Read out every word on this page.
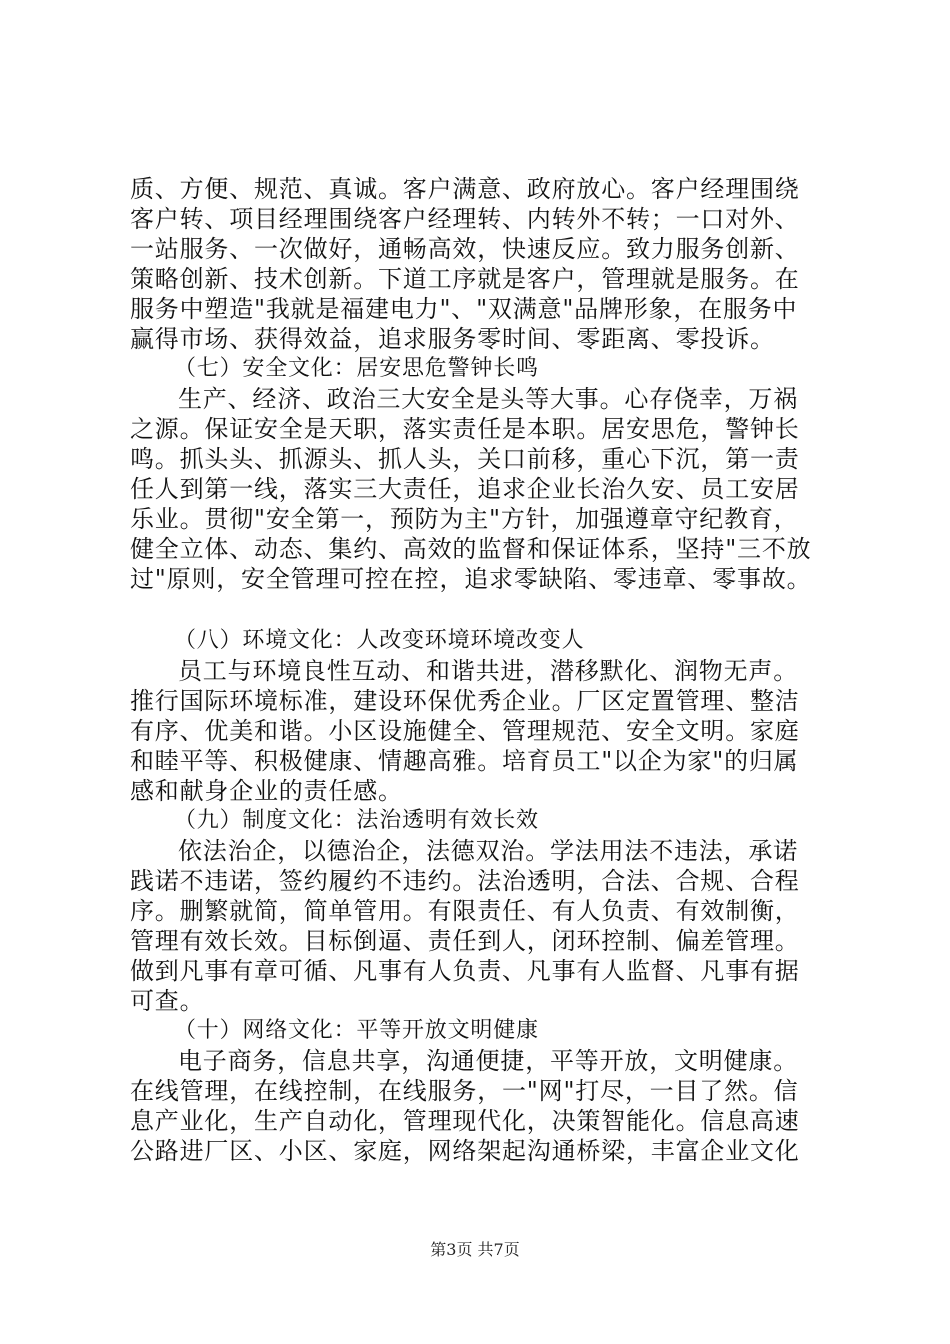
质、方便、规范、真诚。客户满意、政府放心。客户经理围绕
客户转、项目经理围绕客户经理转、内转外不转；一口对外、
一站服务、一次做好，通畅高效，快速反应。致力服务创新、
策略创新、技术创新。下道工序就是客户，管理就是服务。在
服务中塑造"我就是福建电力"、"双满意"品牌形象，在服务中
赢得市场、获得效益，追求服务零时间、零距离、零投诉。
（七）安全文化：居安思危警钟长鸣
生产、经济、政治三大安全是头等大事。心存侥幸，万祸
之源。保证安全是天职，落实责任是本职。居安思危，警钟长
鸣。抓头头、抓源头、抓人头，关口前移，重心下沉，第一责
任人到第一线，落实三大责任，追求企业长治久安、员工安居
乐业。贯彻"安全第一，预防为主"方针，加强遵章守纪教育，
健全立体、动态、集约、高效的监督和保证体系，坚持"三不放
过"原则，安全管理可控在控，追求零缺陷、零违章、零事故。
（八）环境文化：人改变环境环境改变人
员工与环境良性互动、和谐共进，潜移默化、润物无声。
推行国际环境标准，建设环保优秀企业。厂区定置管理、整洁
有序、优美和谐。小区设施健全、管理规范、安全文明。家庭
和睦平等、积极健康、情趣高雅。培育员工"以企为家"的归属
感和献身企业的责任感。
（九）制度文化：法治透明有效长效
依法治企，以德治企，法德双治。学法用法不违法，承诺
践诺不违诺，签约履约不违约。法治透明，合法、合规、合程
序。删繁就简，简单管用。有限责任、有人负责、有效制衡，
管理有效长效。目标倒逼、责任到人，闭环控制、偏差管理。
做到凡事有章可循、凡事有人负责、凡事有人监督、凡事有据
可查。
（十）网络文化：平等开放文明健康
电子商务，信息共享，沟通便捷，平等开放，文明健康。
在线管理，在线控制，在线服务，一"网"打尽，一目了然。信
息产业化，生产自动化，管理现代化，决策智能化。信息高速
公路进厂区、小区、家庭，网络架起沟通桥梁，丰富企业文化
第3页 共7页
